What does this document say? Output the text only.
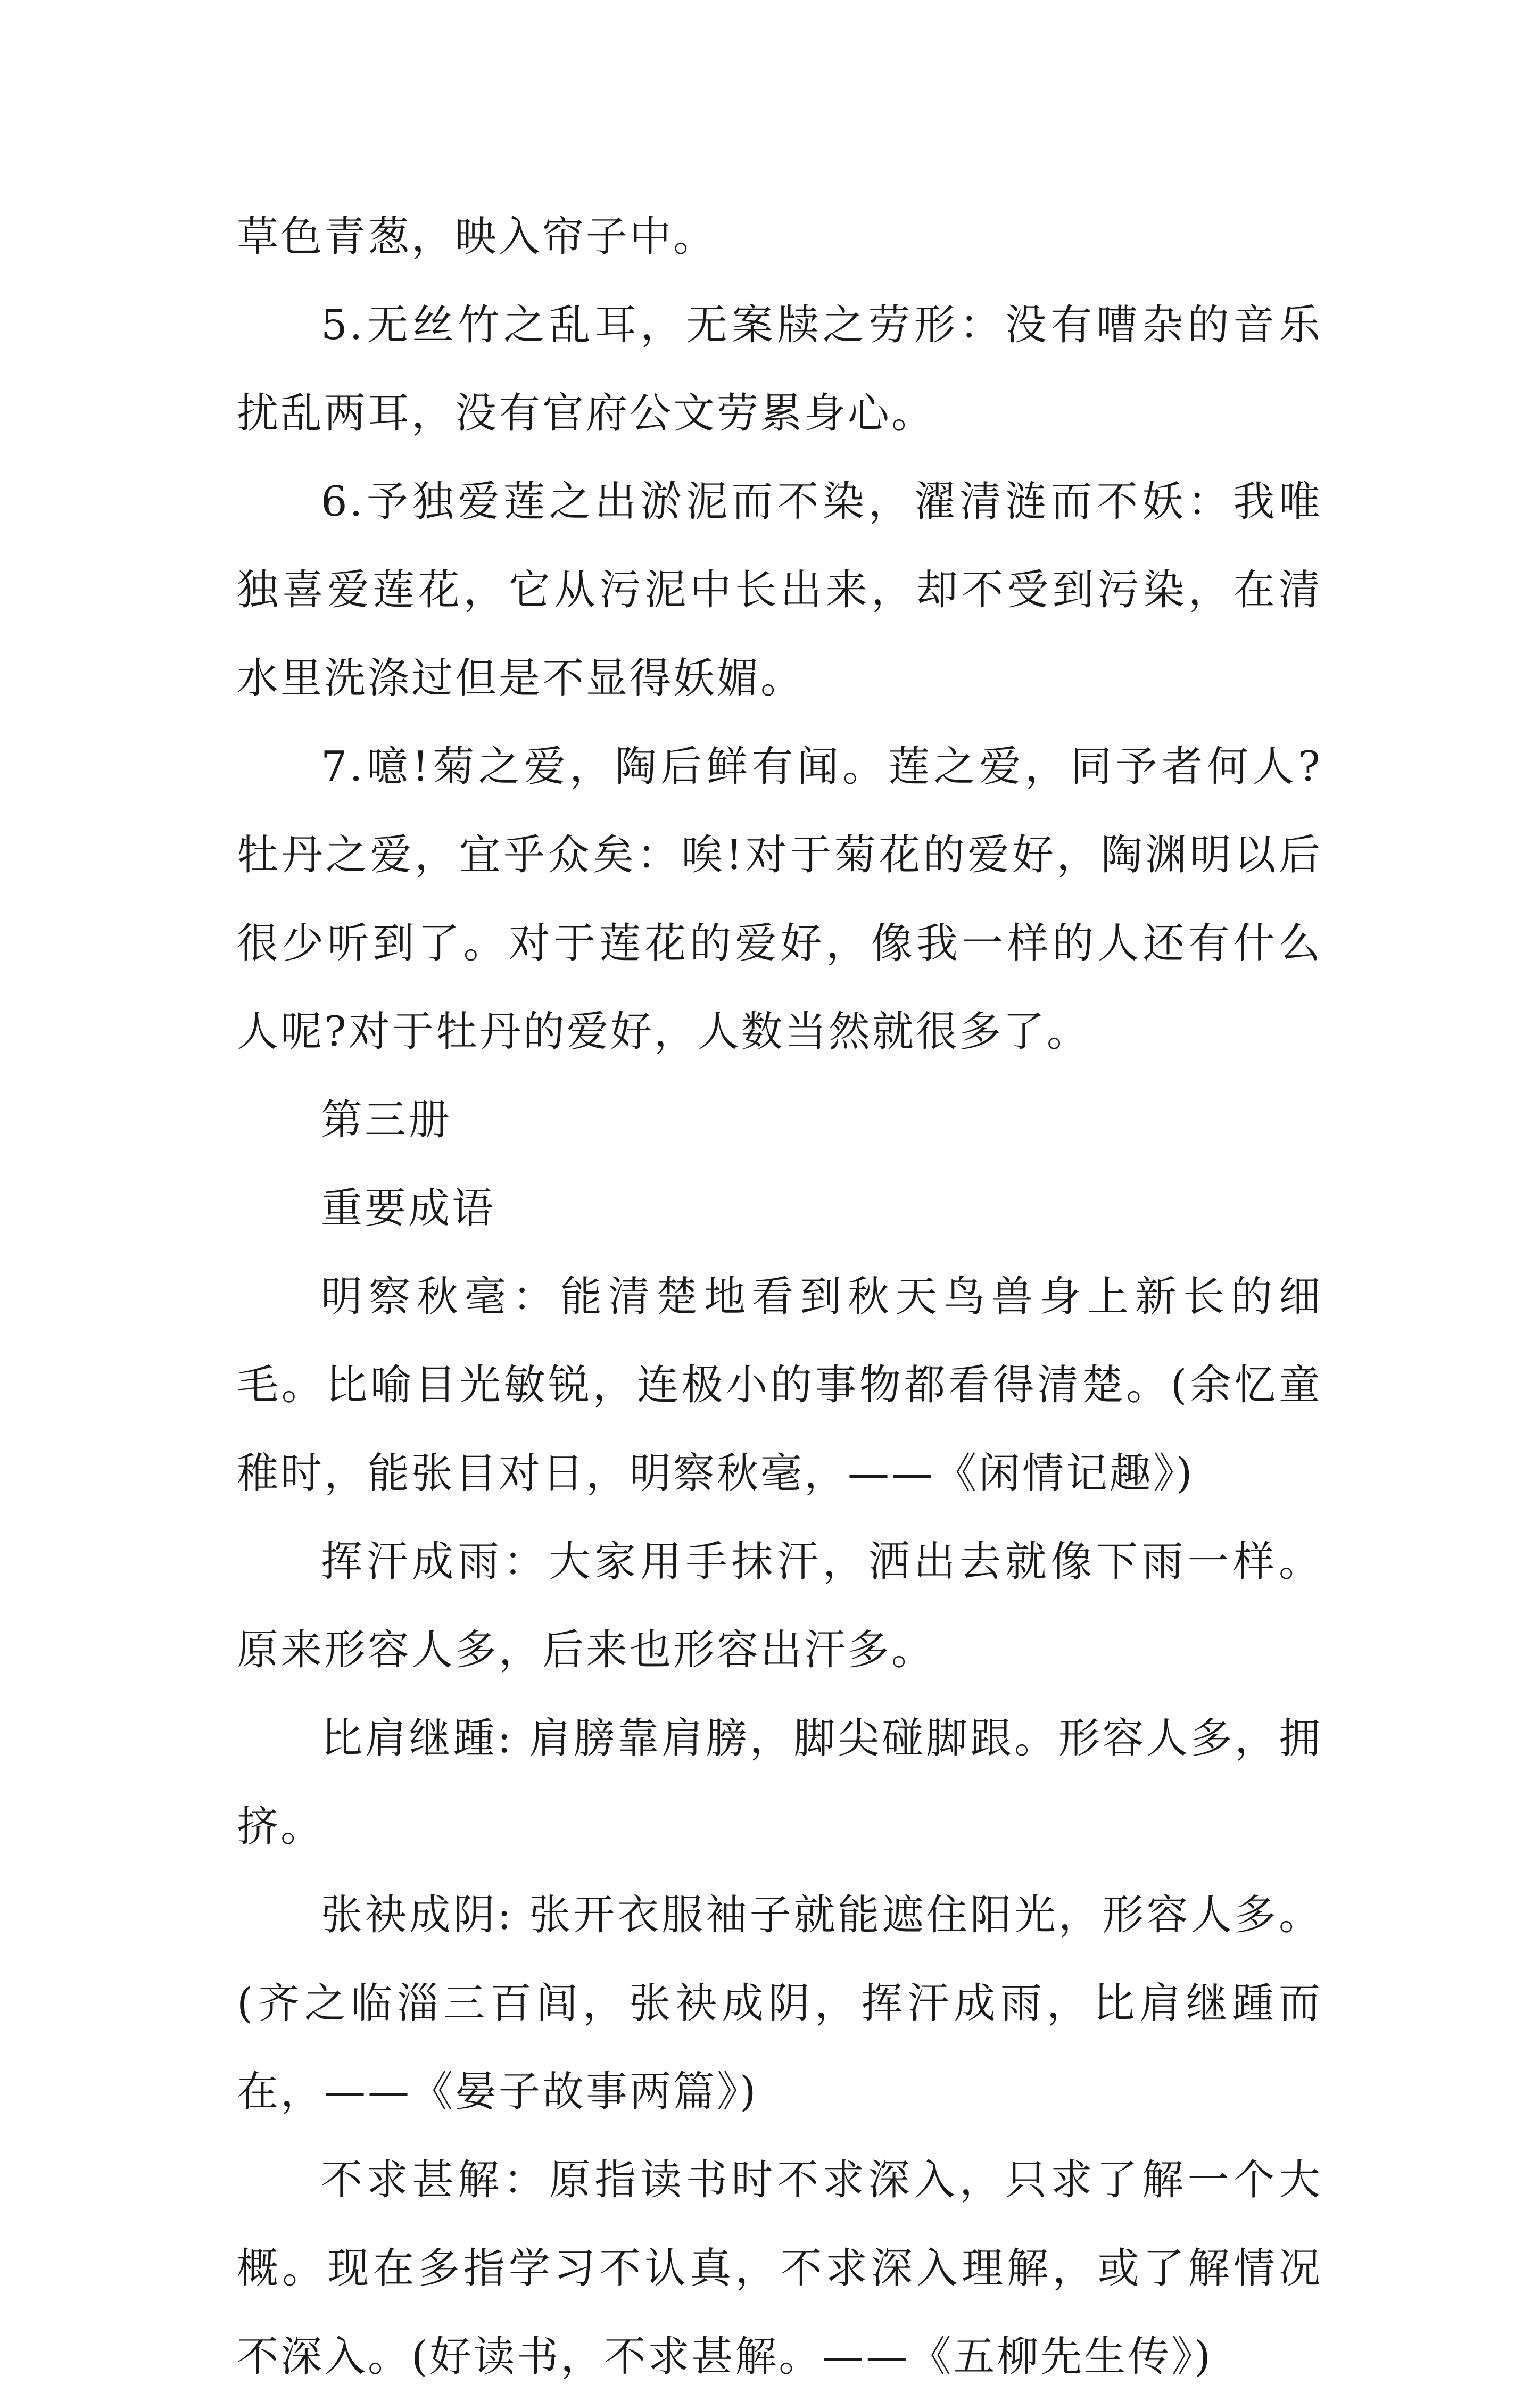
草色青葱，映入帘子中。

5.无丝竹之乱耳，无案牍之劳形：没有嘈杂的音乐扰乱两耳，没有官府公文劳累身心。

6.予独爱莲之出淤泥而不染，濯清涟而不妖：我唯独喜爱莲花，它从污泥中长出来，却不受到污染，在清水里洗涤过但是不显得妖媚。

7.噫!菊之爱，陶后鲜有闻。莲之爱，同予者何人?牡丹之爱，宜乎众矣：唉!对于菊花的爱好，陶渊明以后很少听到了。对于莲花的爱好，像我一样的人还有什么人呢?对于牡丹的爱好，人数当然就很多了。

第三册

重要成语

明察秋毫：能清楚地看到秋天鸟兽身上新长的细毛。比喻目光敏锐，连极小的事物都看得清楚。(余忆童稚时，能张目对日，明察秋毫，——《闲情记趣》)

挥汗成雨：大家用手抹汗，洒出去就像下雨一样。原来形容人多，后来也形容出汗多。

比肩继踵: 肩膀靠肩膀，脚尖碰脚跟。形容人多，拥挤。

张袂成阴: 张开衣服袖子就能遮住阳光，形容人多。(齐之临淄三百闾，张袂成阴，挥汗成雨，比肩继踵而在，——《晏子故事两篇》)

不求甚解：原指读书时不求深入，只求了解一个大概。现在多指学习不认真，不求深入理解，或了解情况不深入。(好读书，不求甚解。——《五柳先生传》)
